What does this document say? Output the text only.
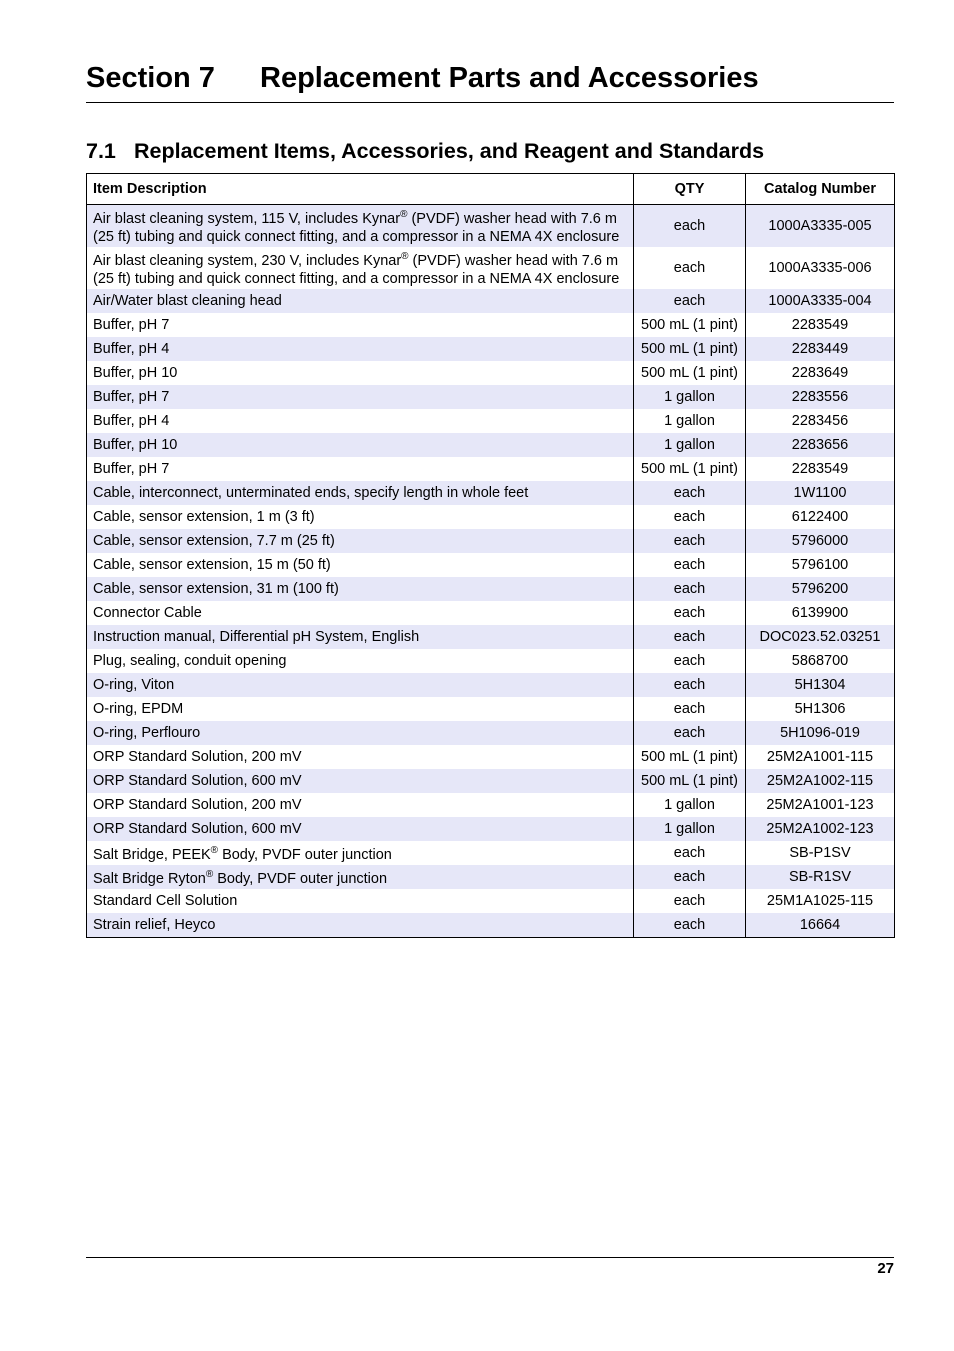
Section 7 Replacement Parts and Accessories
7.1 Replacement Items, Accessories, and Reagent and Standards
Item Description	QTY	Catalog Number
Air blast cleaning system, 115 V, includes Kynar® (PVDF) washer head with 7.6 m (25 ft) tubing and quick connect fitting, and a compressor in a NEMA 4X enclosure	each	1000A3335-005
Air blast cleaning system, 230 V, includes Kynar® (PVDF) washer head with 7.6 m (25 ft) tubing and quick connect fitting, and a compressor in a NEMA 4X enclosure	each	1000A3335-006
Air/Water blast cleaning head	each	1000A3335-004
Buffer, pH 7	500 mL (1 pint)	2283549
Buffer, pH 4	500 mL (1 pint)	2283449
Buffer, pH 10	500 mL (1 pint)	2283649
Buffer, pH 7	1 gallon	2283556
Buffer, pH 4	1 gallon	2283456
Buffer, pH 10	1 gallon	2283656
Buffer, pH 7	500 mL (1 pint)	2283549
Cable, interconnect, unterminated ends, specify length in whole feet	each	1W1100
Cable, sensor extension, 1 m (3 ft)	each	6122400
Cable, sensor extension, 7.7 m (25 ft)	each	5796000
Cable, sensor extension, 15 m (50 ft)	each	5796100
Cable, sensor extension, 31 m (100 ft)	each	5796200
Connector Cable	each	6139900
Instruction manual, Differential pH System, English	each	DOC023.52.03251
Plug, sealing, conduit opening	each	5868700
O-ring, Viton	each	5H1304
O-ring, EPDM	each	5H1306
O-ring, Perflouro	each	5H1096-019
ORP Standard Solution, 200 mV	500 mL (1 pint)	25M2A1001-115
ORP Standard Solution, 600 mV	500 mL (1 pint)	25M2A1002-115
ORP Standard Solution, 200 mV	1 gallon	25M2A1001-123
ORP Standard Solution, 600 mV	1 gallon	25M2A1002-123
Salt Bridge, PEEK® Body, PVDF outer junction	each	SB-P1SV
Salt Bridge Ryton® Body, PVDF outer junction	each	SB-R1SV
Standard Cell Solution	each	25M1A1025-115
Strain relief, Heyco	each	16664
27
